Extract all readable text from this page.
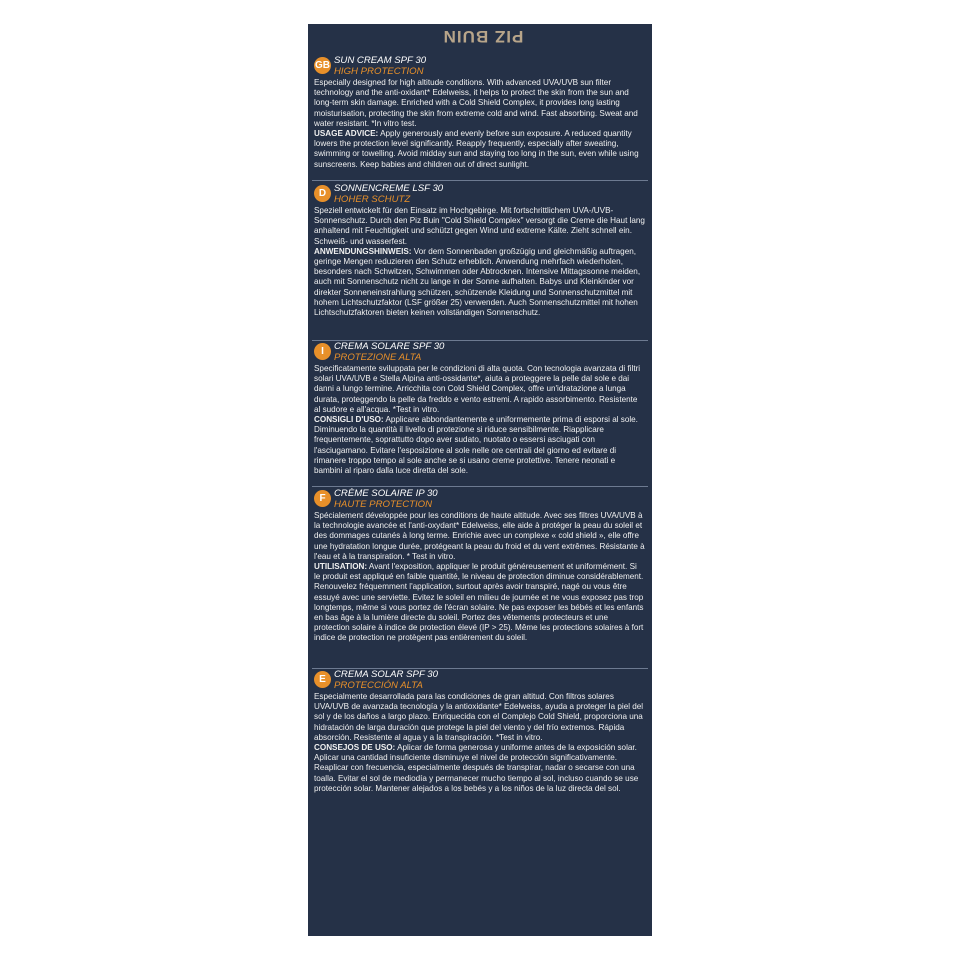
PIZ BUIN
GB SUN CREAM SPF 30
HIGH PROTECTION
Especially designed for high altitude conditions. With advanced UVA/UVB sun filter technology and the anti-oxidant* Edelweiss, it helps to protect the skin from the sun and long-term skin damage. Enriched with a Cold Shield Complex, it provides long lasting moisturisation, protecting the skin from extreme cold and wind. Fast absorbing. Sweat and water resistant. *In vitro test.
USAGE ADVICE: Apply generously and evenly before sun exposure. A reduced quantity lowers the protection level significantly. Reapply frequently, especially after sweating, swimming or towelling. Avoid midday sun and staying too long in the sun, even while using sunscreens. Keep babies and children out of direct sunlight.
D SONNENCREME LSF 30
HOHER SCHUTZ
Speziell entwickelt für den Einsatz im Hochgebirge. Mit fortschrittlichem UVA-/UVB-Sonnenschutz. Durch den Piz Buin "Cold Shield Complex" versorgt die Creme die Haut lang anhaltend mit Feuchtigkeit und schützt gegen Wind und extreme Kälte. Zieht schnell ein. Schweiß- und wasserfest.
ANWENDUNGSHINWEIS: Vor dem Sonnenbaden großzügig und gleichmäßig auftragen, geringe Mengen reduzieren den Schutz erheblich. Anwendung mehrfach wiederholen, besonders nach Schwitzen, Schwimmen oder Abtrocknen. Intensive Mittagssonne meiden, auch mit Sonnenschutz nicht zu lange in der Sonne aufhalten. Babys und Kleinkinder vor direkter Sonneneinstrahlung schützen, schützende Kleidung und Sonnenschutzmittel mit hohem Lichtschutzfaktor (LSF größer 25) verwenden. Auch Sonnenschutzmittel mit hohen Lichtschutzfaktoren bieten keinen vollständigen Sonnenschutz.
I	CREMA SOLARE SPF 30
PROTEZIONE ALTA
Specificatamente sviluppata per le condizioni di alta quota. Con tecnologia avanzata di filtri solari UVA/UVB e Stella Alpina anti-ossidante*, aiuta a proteggere la pelle dal sole e dai danni a lungo termine. Arricchita con Cold Shield Complex, offre un'idratazione a lunga durata, proteggendo la pelle da freddo e vento estremi. A rapido assorbimento. Resistente al sudore e all'acqua. *Test in vitro.
CONSIGLI D'USO: Applicare abbondantemente e uniformemente prima di esporsi al sole. Diminuendo la quantità il livello di protezione si riduce sensibilmente. Riapplicare frequentemente, soprattutto dopo aver sudato, nuotato o essersi asciugati con l'asciugamano. Evitare l'esposizione al sole nelle ore centrali del giorno ed evitare di rimanere troppo tempo al sole anche se si usano creme protettive. Tenere neonati e bambini al riparo dalla luce diretta del sole.
F CRÈME SOLAIRE IP 30
HAUTE PROTECTION
Spécialement développée pour les conditions de haute altitude. Avec ses filtres UVA/UVB à la technologie avancée et l'anti-oxydant* Edelweiss, elle aide à protéger la peau du soleil et des dommages cutanés à long terme. Enrichie avec un complexe « cold shield », elle offre une hydratation longue durée, protégeant la peau du froid et du vent extrêmes. Résistante à l'eau et à la transpiration. * Test in vitro.
UTILISATION: Avant l'exposition, appliquer le produit généreusement et uniformément. Si le produit est appliqué en faible quantité, le niveau de protection diminue considérablement. Renouvelez fréquemment l'application, surtout après avoir transpiré, nagé ou vous être essuyé avec une serviette. Evitez le soleil en milieu de journée et ne vous exposez pas trop longtemps, même si vous portez de l'écran solaire. Ne pas exposer les bébés et les enfants en bas âge à la lumière directe du soleil. Portez des vêtements protecteurs et une protection solaire à indice de protection élevé (IP > 25). Même les protections solaires à fort indice de protection ne protègent pas entièrement du soleil.
E CREMA SOLAR SPF 30
PROTECCIÓN ALTA
Especialmente desarrollada para las condiciones de gran altitud. Con filtros solares UVA/UVB de avanzada tecnología y la antioxidante* Edelweiss, ayuda a proteger la piel del sol y de los daños a largo plazo. Enriquecida con el Complejo Cold Shield, proporciona una hidratación de larga duración que protege la piel del viento y del frío extremos. Rápida absorción. Resistente al agua y a la transpiración. *Test in vitro.
CONSEJOS DE USO: Aplicar de forma generosa y uniforme antes de la exposición solar. Aplicar una cantidad insuficiente disminuye el nivel de protección significativamente. Reaplicar con frecuencia, especialmente después de transpirar, nadar o secarse con una toalla. Evitar el sol de mediodía y permanecer mucho tiempo al sol, incluso cuando se use protección solar. Mantener alejados a los bebés y a los niños de la luz directa del sol.
